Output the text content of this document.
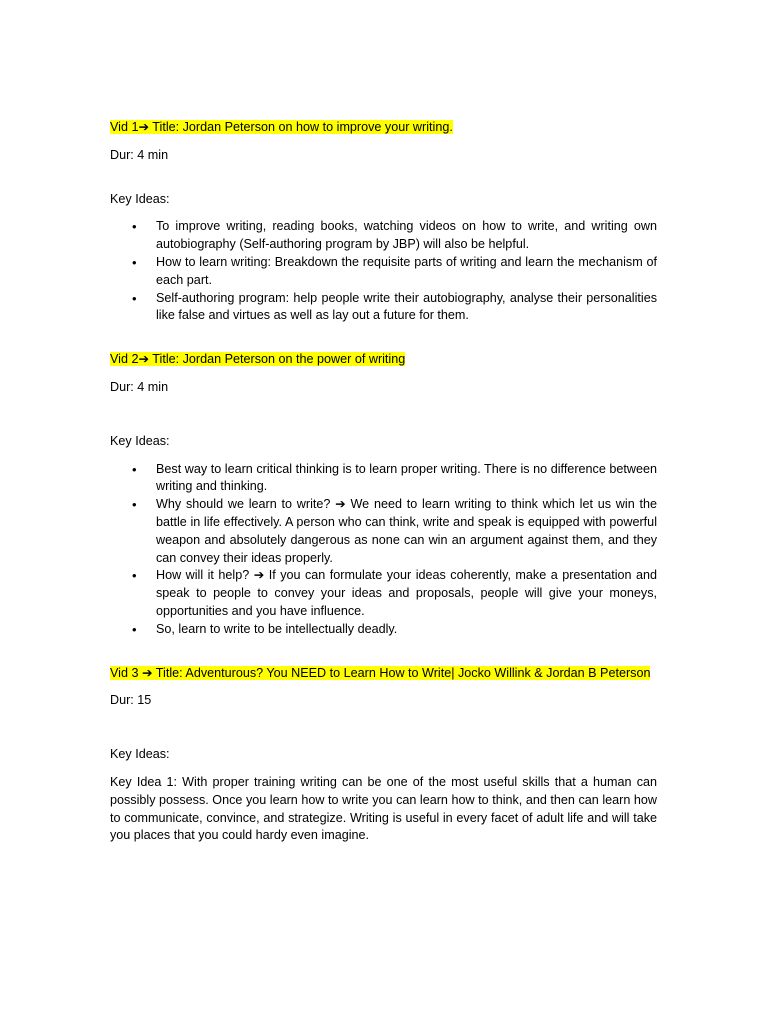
Vid 1➔ Title: Jordan Peterson on how to improve your writing.

Dur: 4 min

Key Ideas:

• To improve writing, reading books, watching videos on how to write, and writing own autobiography (Self-authoring program by JBP) will also be helpful.
• How to learn writing: Breakdown the requisite parts of writing and learn the mechanism of each part.
• Self-authoring program: help people write their autobiography, analyse their personalities like false and virtues as well as lay out a future for them.

Vid 2➔ Title: Jordan Peterson on the power of writing

Dur: 4 min

Key Ideas:

• Best way to learn critical thinking is to learn proper writing. There is no difference between writing and thinking.
• Why should we learn to write? ➔ We need to learn writing to think which let us win the battle in life effectively. A person who can think, write and speak is equipped with powerful weapon and absolutely dangerous as none can win an argument against them, and they can convey their ideas properly.
• How will it help? ➔ If you can formulate your ideas coherently, make a presentation and speak to people to convey your ideas and proposals, people will give your moneys, opportunities and you have influence.
• So, learn to write to be intellectually deadly.

Vid 3 ➔ Title: Adventurous? You NEED to Learn How to Write| Jocko Willink & Jordan B Peterson

Dur: 15

Key Ideas:

Key Idea 1: With proper training writing can be one of the most useful skills that a human can possibly possess. Once you learn how to write you can learn how to think, and then can learn how to communicate, convince, and strategize. Writing is useful in every facet of adult life and will take you places that you could hardy even imagine.
